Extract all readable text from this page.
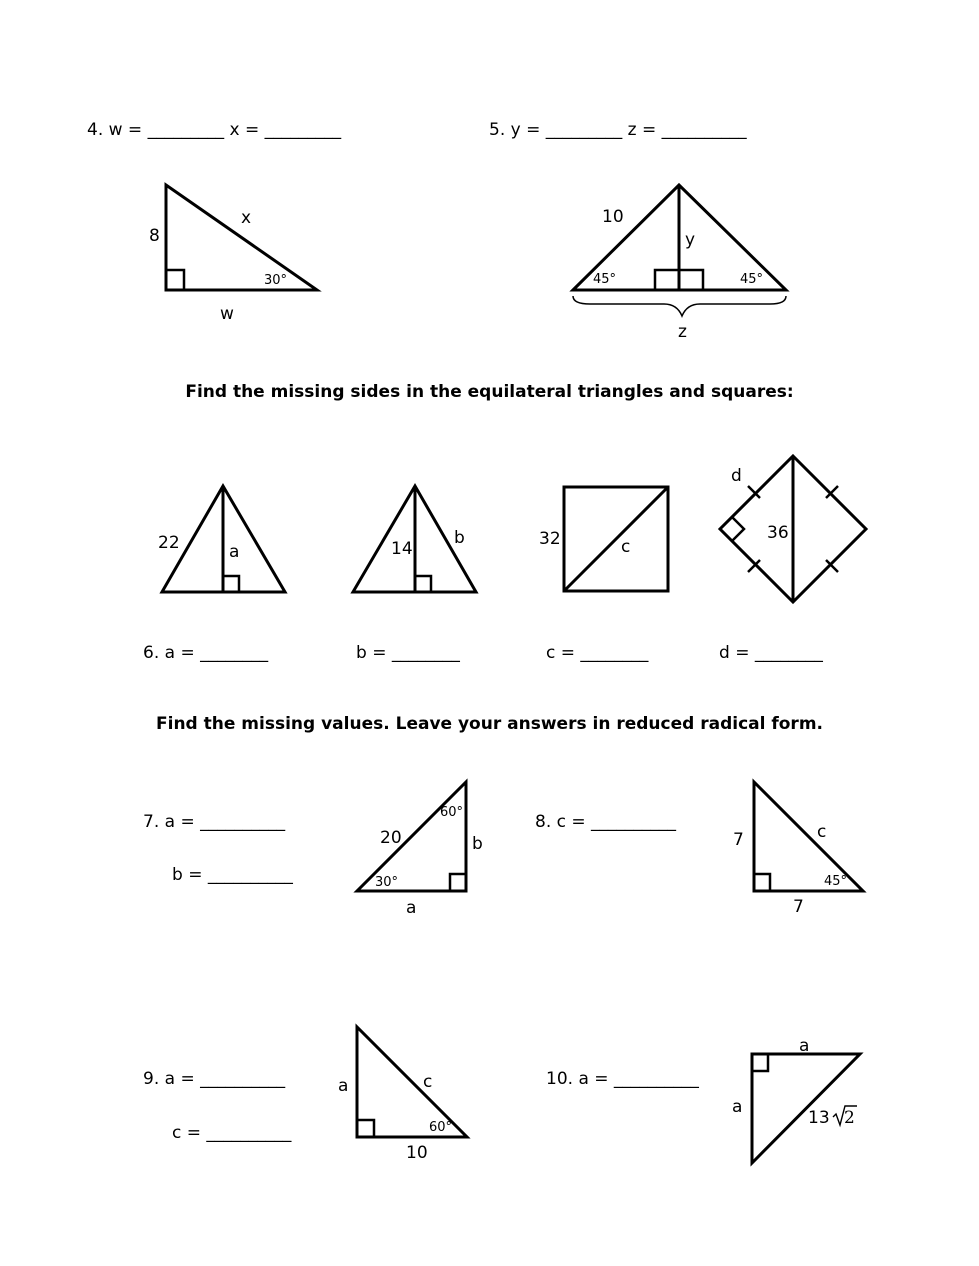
4. w = _________ x = _________	5. y = _________ z = __________
8
x
w
30°
10
y
z
45°	45°
Find the missing sides in the equilateral triangles and squares:
22	a	14
b	32	c
d
36
6. a = ________	b = ________	c = ________	d = ________
Find the missing values. Leave your answers in reduced radical form.
7. a = __________
b = __________
20	b
a
60°
30°
8. c = __________
7	c
7
45°
9. a = __________
c = __________
a	c
10
60°
10. a = __________
a
a
13 2
